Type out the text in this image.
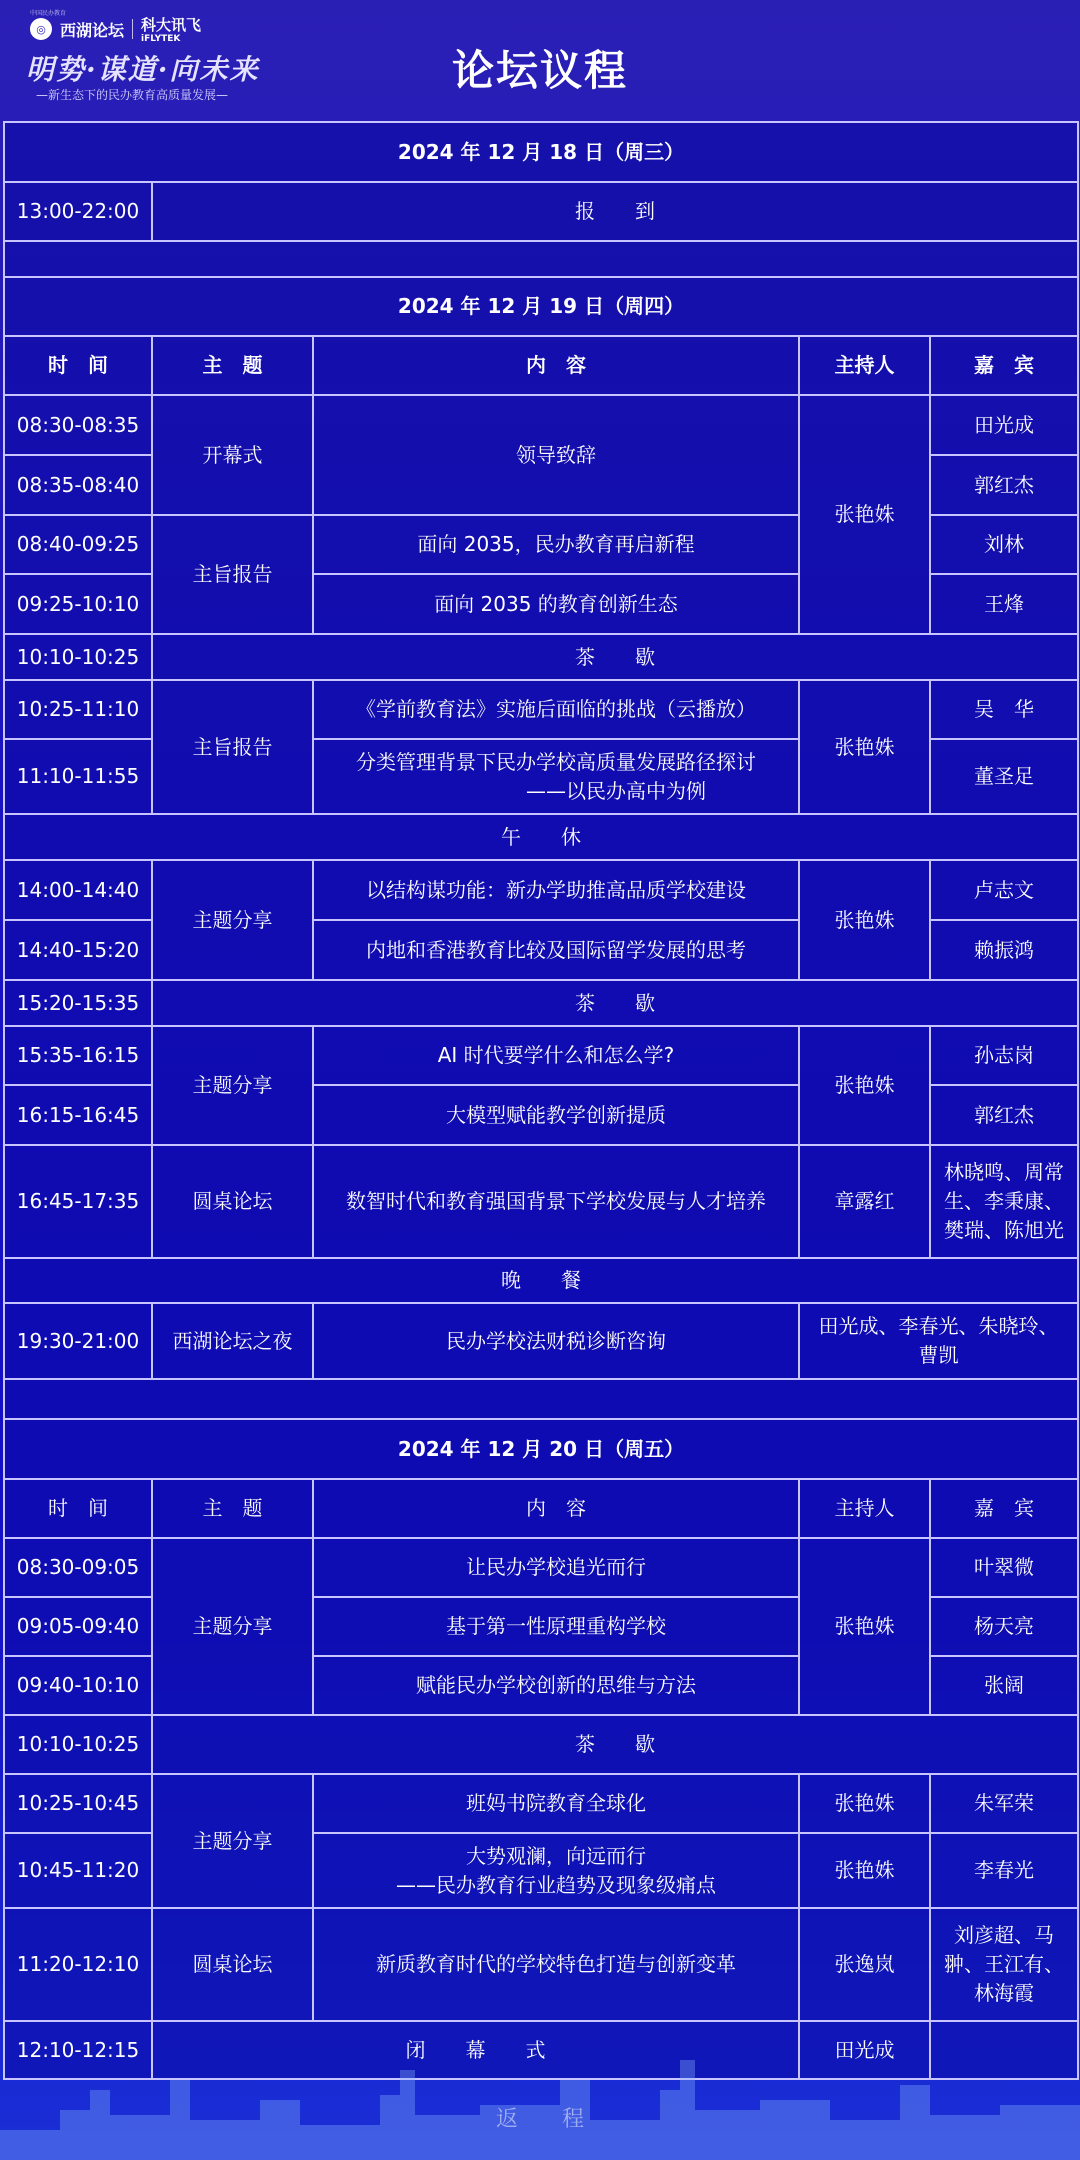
中国民办教育
◎ 西湖论坛 科大讯飞
iFLYTEK
明势·谋道·向未来
—新生态下的民办教育高质量发展—	论坛议程
2024 年 12 月 18 日（周三）				
13:00-22:00	报　　到			

2024 年 12 月 19 日（周四）				
时　间	主　题	内　容	主持人	嘉　宾
08:30-08:35	开幕式	领导致辞	张艳姝	田光成
08:35-08:40				郭红杰
08:40-09:25	主旨报告	面向 2035，民办教育再启新程		刘林
09:25-10:10		面向 2035 的教育创新生态		王烽
10:10-10:25	茶　　歇			
10:25-11:10	主旨报告	《学前教育法》实施后面临的挑战（云播放）	张艳姝	吴　华
11:10-11:55		分类管理背景下民办学校高质量发展路径探讨
——以民办高中为例		董圣足
午　　休				
14:00-14:40	主题分享	以结构谋功能：新办学助推高品质学校建设	张艳姝	卢志文
14:40-15:20		内地和香港教育比较及国际留学发展的思考		赖振鸿
15:20-15:35	茶　　歇			
15:35-16:15	主题分享	AI 时代要学什么和怎么学?	张艳姝	孙志岗
16:15-16:45		大模型赋能教学创新提质		郭红杰
16:45-17:35	圆桌论坛	数智时代和教育强国背景下学校发展与人才培养	章露红	林晓鸣、周常
生、李秉康、
樊瑞、陈旭光

晚　　餐				
19:30-21:00	西湖论坛之夜	民办学校法财税诊断咨询	田光成、李春光、朱晓玲、
曹凯	

2024 年 12 月 20 日（周五）				
时　间	主　题	内　容	主持人	嘉　宾
08:30-09:05	主题分享	让民办学校追光而行	张艳姝	叶翠微
09:05-09:40		基于第一性原理重构学校		杨天亮
09:40-10:10		赋能民办学校创新的思维与方法		张阔
10:10-10:25	茶　　歇			
10:25-10:45	主题分享	班妈书院教育全球化	张艳姝	朱军荣
10:45-11:20		大势观澜，向远而行
——民办教育行业趋势及现象级痛点	张艳姝	李春光
11:20-12:10	圆桌论坛	新质教育时代的学校特色打造与创新变革	张逸岚	刘彦超、马
翀、王江有、
林海霞

12:10-12:15	闭　　幕　　式		田光成	
返　　程
